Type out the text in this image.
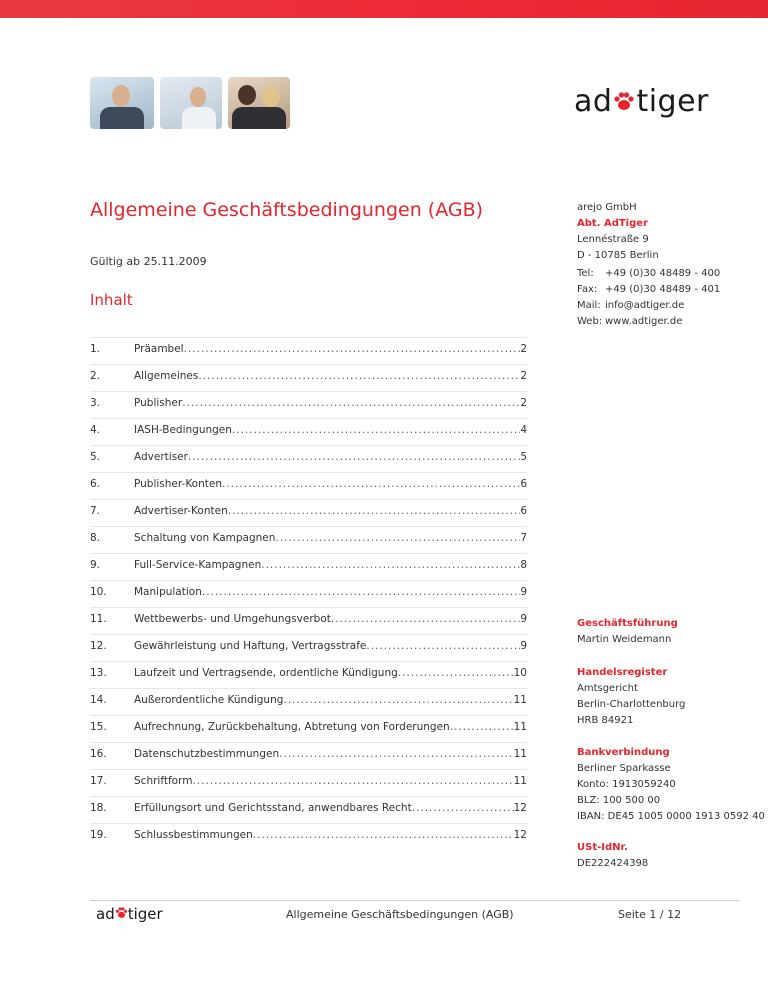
ad tiger
Allgemeine Geschäftsbedingungen (AGB)
Gültig ab 25.11.2009
Inhalt
1.	Präambel .....	2
2.	Allgemeines .....	2
3.	Publisher .....	2
4.	IASH-Bedingungen .....	4
5.	Advertiser .....	5
6.	Publisher-Konten .....	6
7.	Advertiser-Konten .....	6
8.	Schaltung von Kampagnen .....	7
9.	Full-Service-Kampagnen .....	8
10.	Manipulation .....	9
11.	Wettbewerbs- und Umgehungsverbot .....	9
12.	Gewährleistung und Haftung, Vertragsstrafe .....	9
13.	Laufzeit und Vertragsende, ordentliche Kündigung .....	10
14.	Außerordentliche Kündigung .....	11
15.	Aufrechnung, Zurückbehaltung, Abtretung von Forderungen .....	11
16.	Datenschutzbestimmungen .....	11
17.	Schriftform .....	11
18.	Erfüllungsort und Gerichtsstand, anwendbares Recht .....	12
19.	Schlussbestimmungen .....	12
arejo GmbH
Abt. AdTiger
Lennéstraße 9
D - 10785 Berlin
Tel:	+49 (0)30 48489 - 400
Fax: +49 (0)30 48489 - 401
Mail: info@adtiger.de
Web: www.adtiger.de
Geschäftsführung
Martin Weidemann
Handelsregister
Amtsgericht
Berlin-Charlottenburg
HRB 84921
Bankverbindung
Berliner Sparkasse
Konto: 1913059240
BLZ: 100 500 00
IBAN: DE45 1005 0000 1913 0592 40
USt-IdNr.
DE222424398
ad tiger	Allgemeine Geschäftsbedingungen (AGB)	Seite 1 / 12
